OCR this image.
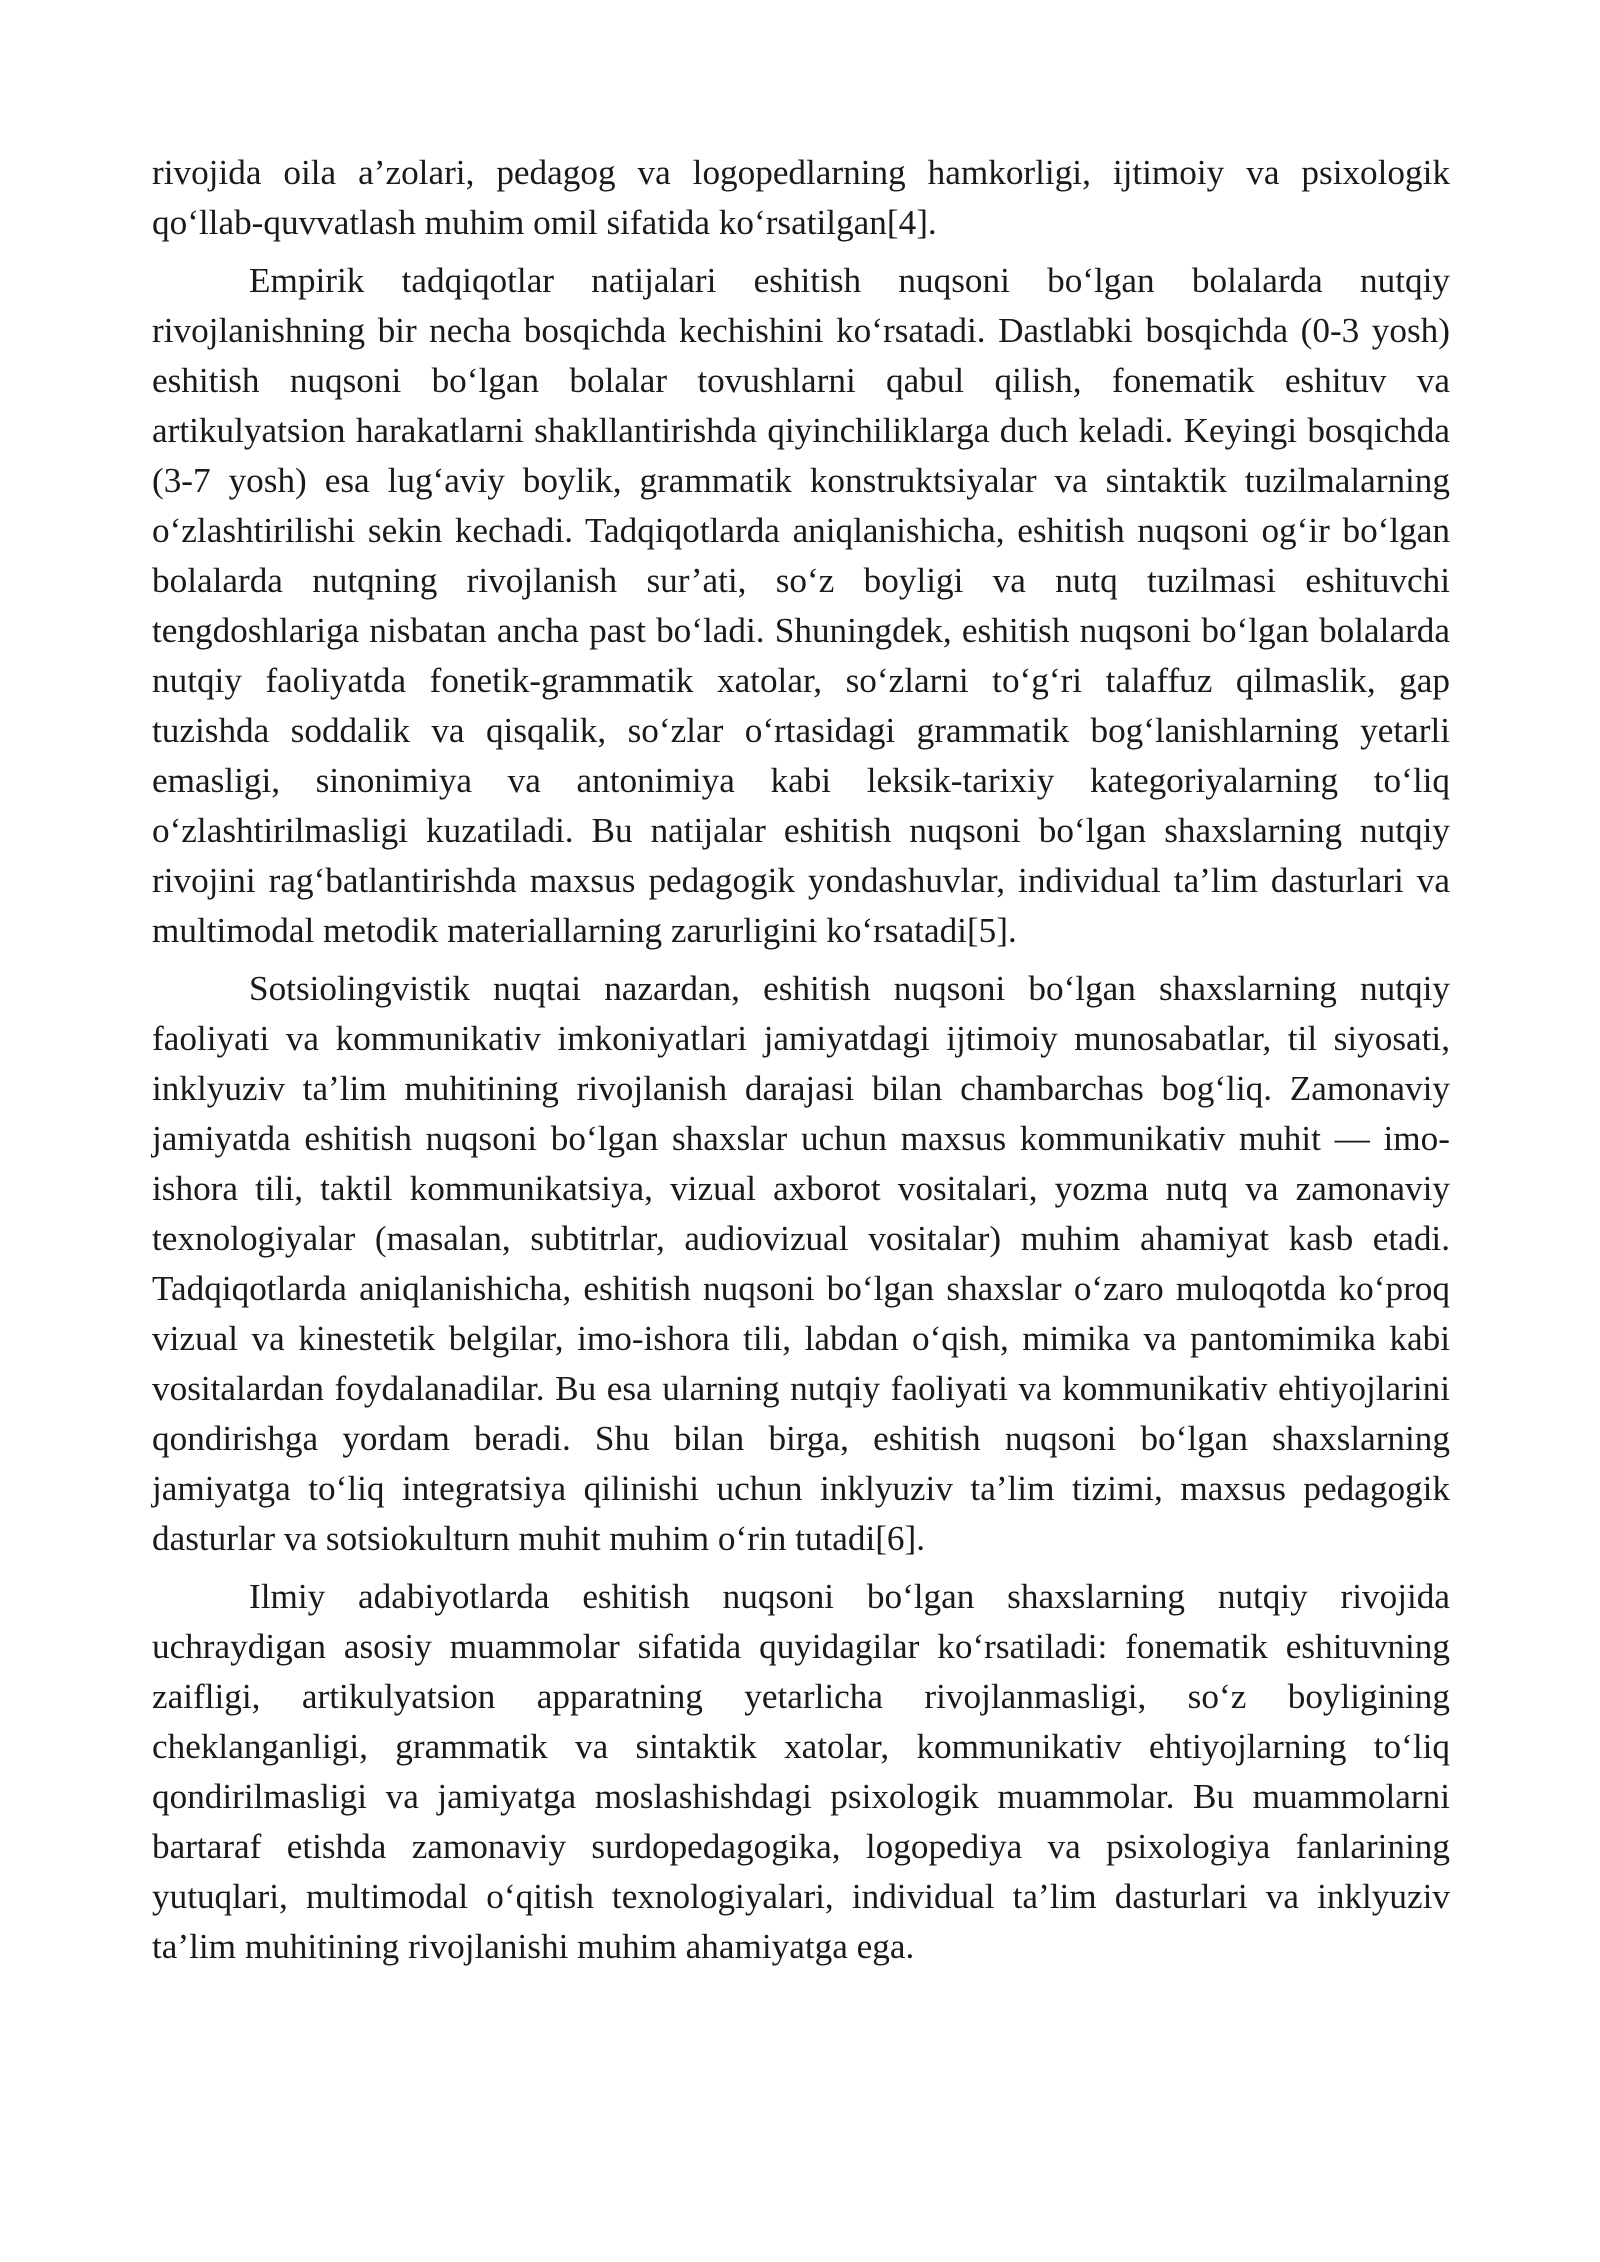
rivojida oila a’zolari, pedagog va logopedlarning hamkorligi, ijtimoiy va psixologik qo‘llab-quvvatlash muhim omil sifatida ko‘rsatilgan[4].

Empirik tadqiqotlar natijalari eshitish nuqsoni bo‘lgan bolalarda nutqiy rivojlanishning bir necha bosqichda kechishini ko‘rsatadi. Dastlabki bosqichda (0-3 yosh) eshitish nuqsoni bo‘lgan bolalar tovushlarni qabul qilish, fonematik eshituv va artikulyatsion harakatlarni shakllantirishda qiyinchiliklarga duch keladi. Keyingi bosqichda (3-7 yosh) esa lug‘aviy boylik, grammatik konstruktsiyalar va sintaktik tuzilmalarning o‘zlashtirilishi sekin kechadi. Tadqiqotlarda aniqlanishicha, eshitish nuqsoni og‘ir bo‘lgan bolalarda nutqning rivojlanish sur’ati, so‘z boyligi va nutq tuzilmasi eshituvchi tengdoshlariga nisbatan ancha past bo‘ladi. Shuningdek, eshitish nuqsoni bo‘lgan bolalarda nutqiy faoliyatda fonetik-grammatik xatolar, so‘zlarni to‘g‘ri talaffuz qilmaslik, gap tuzishda soddalik va qisqalik, so‘zlar o‘rtasidagi grammatik bog‘lanishlarning yetarli emasligi, sinonimiya va antonimiya kabi leksik-tarixiy kategoriyalarning to‘liq o‘zlashtirilmasligi kuzatiladi. Bu natijalar eshitish nuqsoni bo‘lgan shaxslarning nutqiy rivojini rag‘batlantirishda maxsus pedagogik yondashuvlar, individual ta’lim dasturlari va multimodal metodik materiallarning zarurligini ko‘rsatadi[5].

Sotsiolingvistik nuqtai nazardan, eshitish nuqsoni bo‘lgan shaxslarning nutqiy faoliyati va kommunikativ imkoniyatlari jamiyatdagi ijtimoiy munosabatlar, til siyosati, inklyuziv ta’lim muhitining rivojlanish darajasi bilan chambarchas bog‘liq. Zamonaviy jamiyatda eshitish nuqsoni bo‘lgan shaxslar uchun maxsus kommunikativ muhit — imo-ishora tili, taktil kommunikatsiya, vizual axborot vositalari, yozma nutq va zamonaviy texnologiyalar (masalan, subtitrlar, audiovizual vositalar) muhim ahamiyat kasb etadi. Tadqiqotlarda aniqlanishicha, eshitish nuqsoni bo‘lgan shaxslar o‘zaro muloqotda ko‘proq vizual va kinestetik belgilar, imo-ishora tili, labdan o‘qish, mimika va pantomimika kabi vositalardan foydalanadilar. Bu esa ularning nutqiy faoliyati va kommunikativ ehtiyojlarini qondirishga yordam beradi. Shu bilan birga, eshitish nuqsoni bo‘lgan shaxslarning jamiyatga to‘liq integratsiya qilinishi uchun inklyuziv ta’lim tizimi, maxsus pedagogik dasturlar va sotsiokulturn muhit muhim o‘rin tutadi[6].

Ilmiy adabiyotlarda eshitish nuqsoni bo‘lgan shaxslarning nutqiy rivojida uchraydigan asosiy muammolar sifatida quyidagilar ko‘rsatiladi: fonematik eshituvning zaifligi, artikulyatsion apparatning yetarlicha rivojlanmasligi, so‘z boyligining cheklanganligi, grammatik va sintaktik xatolar, kommunikativ ehtiyojlarning to‘liq qondirilmasligi va jamiyatga moslashishdagi psixologik muammolar. Bu muammolarni bartaraf etishda zamonaviy surdopedagogika, logopediya va psixologiya fanlarining yutuqlari, multimodal o‘qitish texnologiyalari, individual ta’lim dasturlari va inklyuziv ta’lim muhitining rivojlanishi muhim ahamiyatga ega.
